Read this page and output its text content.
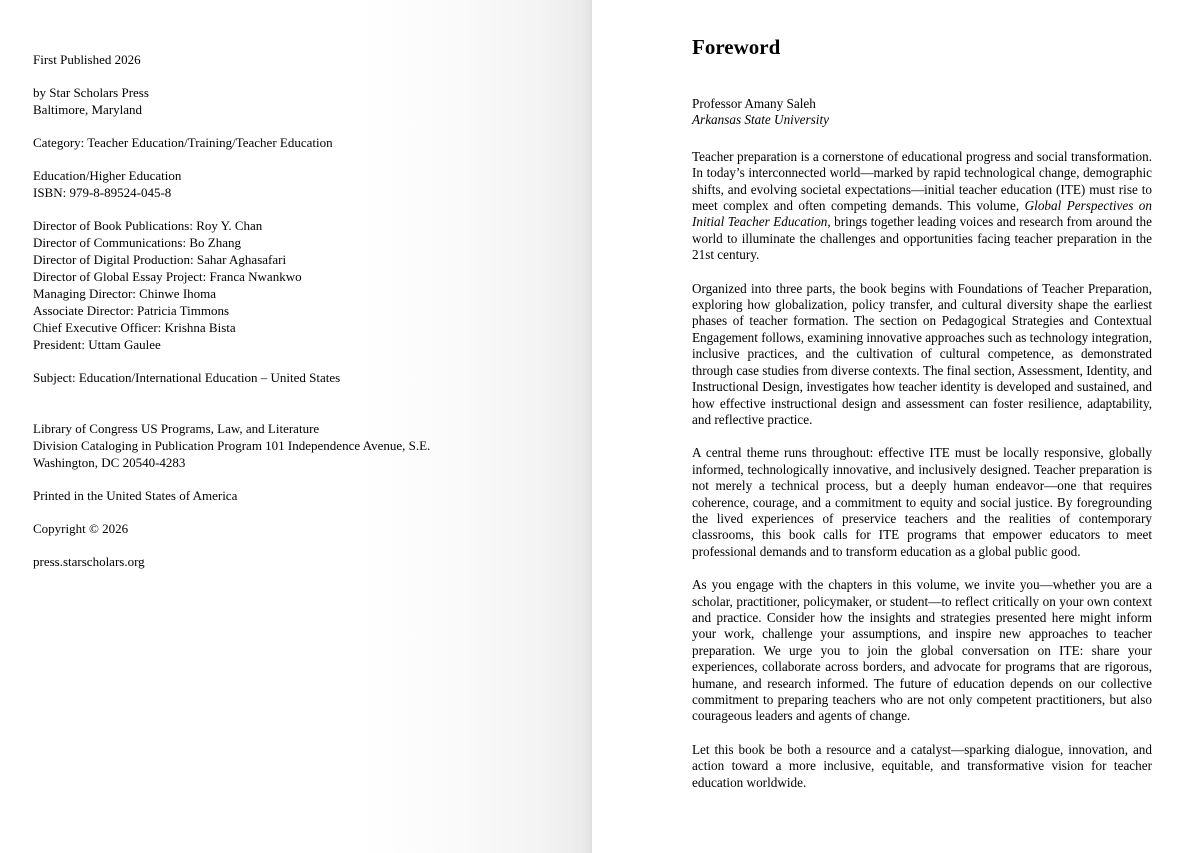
First Published 2026
by Star Scholars Press
Baltimore, Maryland
Category: Teacher Education/Training/Teacher Education
Education/Higher Education
ISBN: 979-8-89524-045-8
Director of Book Publications: Roy Y. Chan
Director of Communications: Bo Zhang
Director of Digital Production: Sahar Aghasafari
Director of Global Essay Project: Franca Nwankwo
Managing Director: Chinwe Ihoma
Associate Director: Patricia Timmons
Chief Executive Officer: Krishna Bista
President: Uttam Gaulee
Subject: Education/International Education – United States
Library of Congress US Programs, Law, and Literature
Division Cataloging in Publication Program 101 Independence Avenue, S.E.
Washington, DC 20540-4283
Printed in the United States of America
Copyright © 2026
press.starscholars.org
Foreword
Professor Amany Saleh
Arkansas State University

Teacher preparation is a cornerstone of educational progress and social transformation. In today’s interconnected world—marked by rapid technological change, demographic shifts, and evolving societal expectations—initial teacher education (ITE) must rise to meet complex and often competing demands. This volume, Global Perspectives on Initial Teacher Education, brings together leading voices and research from around the world to illuminate the challenges and opportunities facing teacher preparation in the 21st century.

Organized into three parts, the book begins with Foundations of Teacher Preparation, exploring how globalization, policy transfer, and cultural diversity shape the earliest phases of teacher formation. The section on Pedagogical Strategies and Contextual Engagement follows, examining innovative approaches such as technology integration, inclusive practices, and the cultivation of cultural competence, as demonstrated through case studies from diverse contexts. The final section, Assessment, Identity, and Instructional Design, investigates how teacher identity is developed and sustained, and how effective instructional design and assessment can foster resilience, adaptability, and reflective practice.

A central theme runs throughout: effective ITE must be locally responsive, globally informed, technologically innovative, and inclusively designed. Teacher preparation is not merely a technical process, but a deeply human endeavor—one that requires coherence, courage, and a commitment to equity and social justice. By foregrounding the lived experiences of preservice teachers and the realities of contemporary classrooms, this book calls for ITE programs that empower educators to meet professional demands and to transform education as a global public good.

As you engage with the chapters in this volume, we invite you—whether you are a scholar, practitioner, policymaker, or student—to reflect critically on your own context and practice. Consider how the insights and strategies presented here might inform your work, challenge your assumptions, and inspire new approaches to teacher preparation. We urge you to join the global conversation on ITE: share your experiences, collaborate across borders, and advocate for programs that are rigorous, humane, and research informed. The future of education depends on our collective commitment to preparing teachers who are not only competent practitioners, but also courageous leaders and agents of change.

Let this book be both a resource and a catalyst—sparking dialogue, innovation, and action toward a more inclusive, equitable, and transformative vision for teacher education worldwide.
